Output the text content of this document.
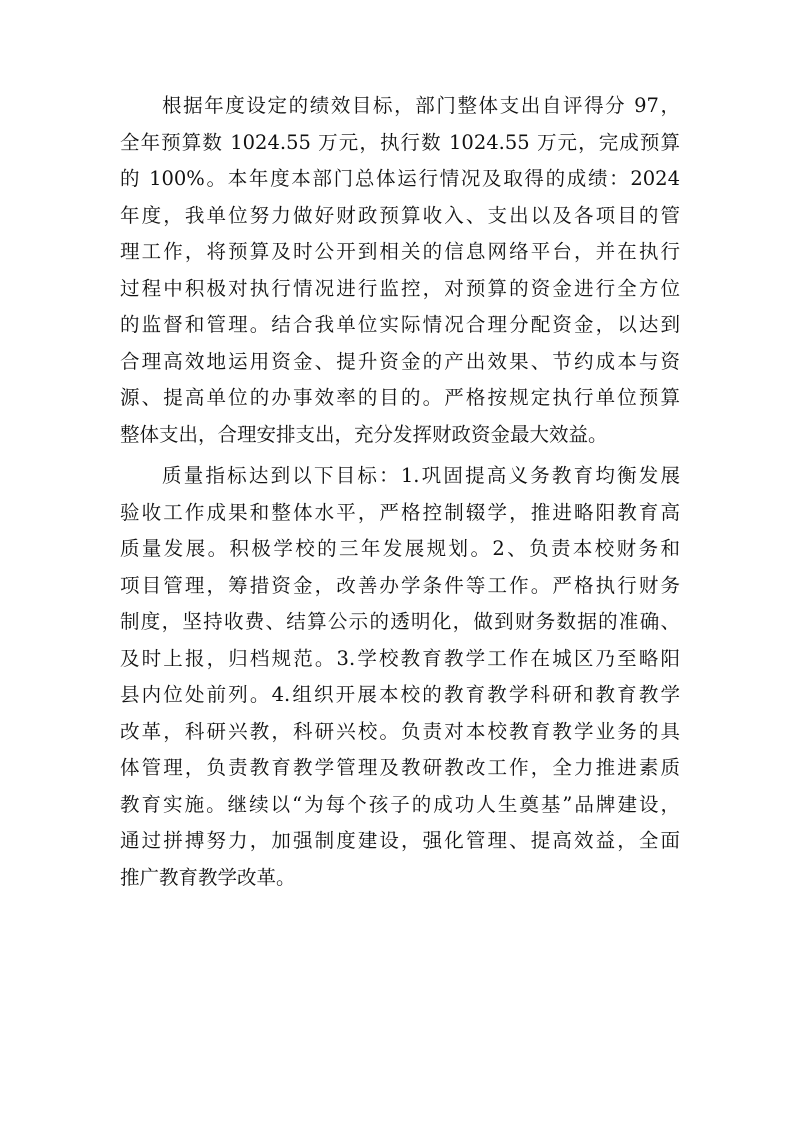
根据年度设定的绩效目标，部门整体支出自评得分 97，
全年预算数 1024.55 万元，执行数 1024.55 万元，完成预算
的 100%。本年度本部门总体运行情况及取得的成绩：2024
年度，我单位努力做好财政预算收入、支出以及各项目的管
理工作，将预算及时公开到相关的信息网络平台，并在执行
过程中积极对执行情况进行监控，对预算的资金进行全方位
的监督和管理。结合我单位实际情况合理分配资金，以达到
合理高效地运用资金、提升资金的产出效果、节约成本与资
源、提高单位的办事效率的目的。严格按规定执行单位预算
整体支出，合理安排支出，充分发挥财政资金最大效益。
质量指标达到以下目标：1.巩固提高义务教育均衡发展
验收工作成果和整体水平，严格控制辍学，推进略阳教育高
质量发展。积极学校的三年发展规划。2、负责本校财务和
项目管理，筹措资金，改善办学条件等工作。严格执行财务
制度，坚持收费、结算公示的透明化，做到财务数据的准确、
及时上报，归档规范。3.学校教育教学工作在城区乃至略阳
县内位处前列。4.组织开展本校的教育教学科研和教育教学
改革，科研兴教，科研兴校。负责对本校教育教学业务的具
体管理，负责教育教学管理及教研教改工作，全力推进素质
教育实施。继续以“为每个孩子的成功人生奠基”品牌建设，
通过拼搏努力，加强制度建设，强化管理、提高效益，全面
推广教育教学改革。
